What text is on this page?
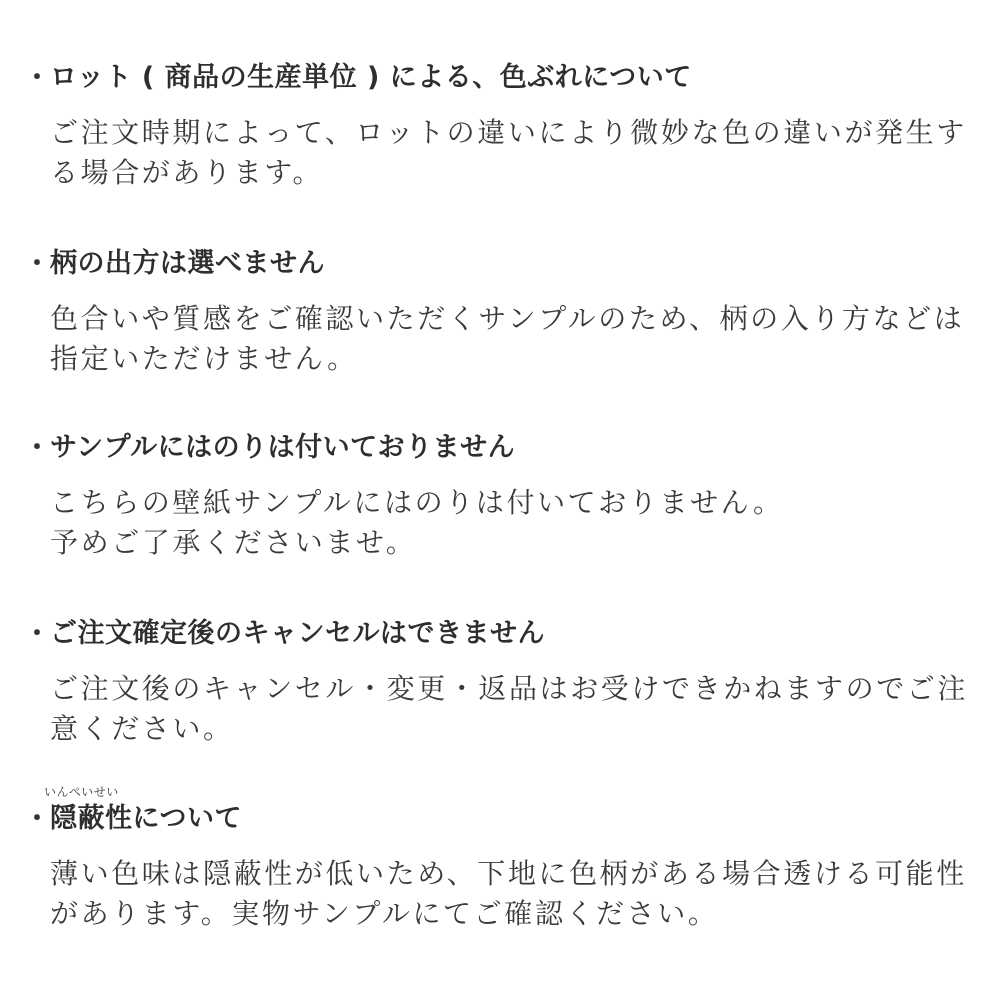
・ ロット ( 商品の生産単位 ) による、色ぶれについて

ご注文時期によって、ロットの違いにより微妙な色の違いが発生する場合があります。

・ 柄の出方は選べません

色合いや質感をご確認いただくサンプルのため、柄の入り方などは指定いただけません。

・ サンプルにはのりは付いておりません
こちらの壁紙サンプルにはのりは付いておりません。
予めご了承くださいませ。
・ ご注文確定後のキャンセルはできません

ご注文後のキャンセル・変更・返品はお受けできかねますのでご注意ください。

いんぺいせい
・ 隠蔽性について

薄い色味は隠蔽性が低いため、下地に色柄がある場合透ける可能性があります。実物サンプルにてご確認ください。
